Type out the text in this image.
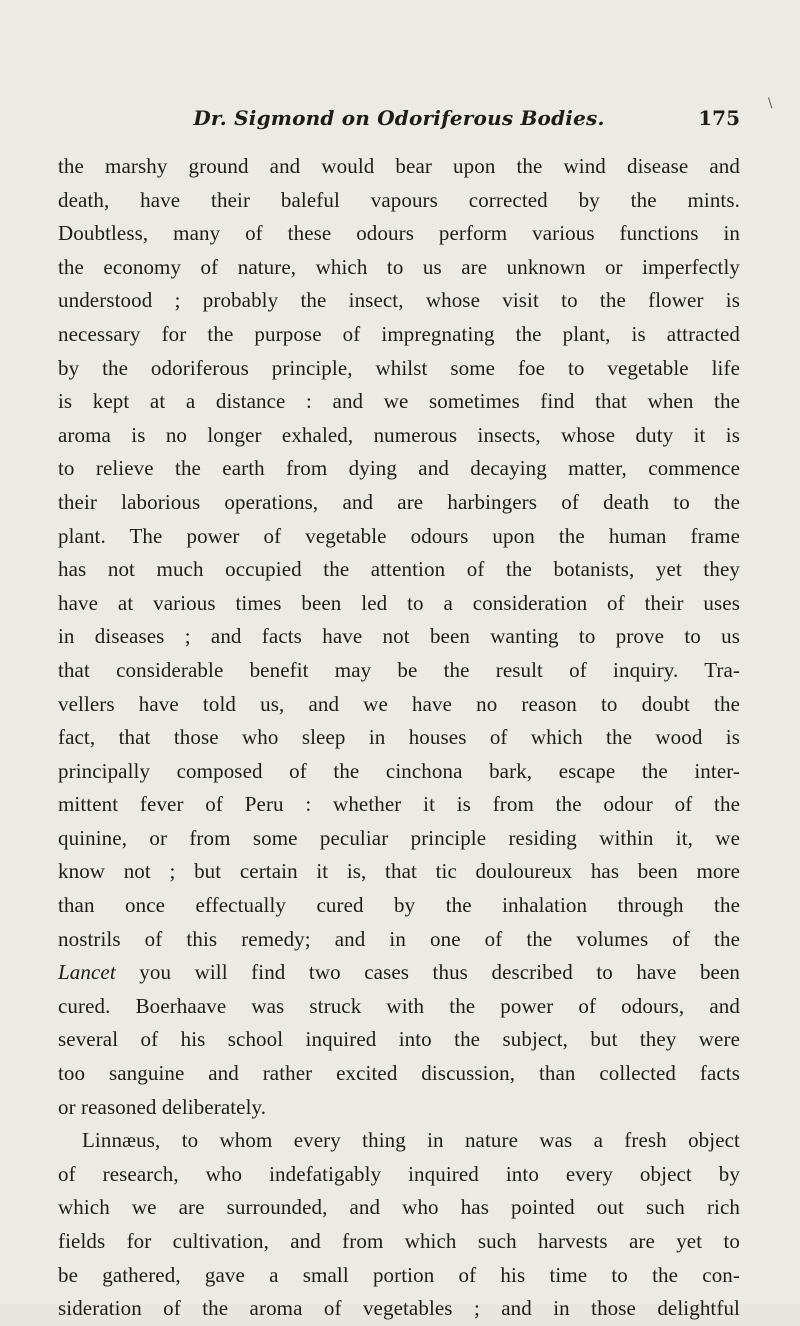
Dr. Sigmond on Odoriferous Bodies.	175
\
the marshy ground and would bear upon the wind disease and
death, have their baleful vapours corrected by the mints.
Doubtless, many of these odours perform various functions in
the economy of nature, which to us are unknown or imperfectly
understood ; probably the insect, whose visit to the flower is
necessary for the purpose of impregnating the plant, is attracted
by the odoriferous principle, whilst some foe to vegetable life
is kept at a distance : and we sometimes find that when the
aroma is no longer exhaled, numerous insects, whose duty it is
to relieve the earth from dying and decaying matter, commence
their laborious operations, and are harbingers of death to the
plant. The power of vegetable odours upon the human frame
has not much occupied the attention of the botanists, yet they
have at various times been led to a consideration of their uses
in diseases ; and facts have not been wanting to prove to us
that considerable benefit may be the result of inquiry. Tra-
vellers have told us, and we have no reason to doubt the
fact, that those who sleep in houses of which the wood is
principally composed of the cinchona bark, escape the inter-
mittent fever of Peru : whether it is from the odour of the
quinine, or from some peculiar principle residing within it, we
know not ; but certain it is, that tic douloureux has been more
than once effectually cured by the inhalation through the
nostrils of this remedy; and in one of the volumes of the
Lancet you will find two cases thus described to have been
cured. Boerhaave was struck with the power of odours, and
several of his school inquired into the subject, but they were
too sanguine and rather excited discussion, than collected facts
or reasoned deliberately.
Linnæus, to whom every thing in nature was a fresh object
of research, who indefatigably inquired into every object by
which we are surrounded, and who has pointed out such rich
fields for cultivation, and from which such harvests are yet to
be gathered, gave a small portion of his time to the con-
sideration of the aroma of vegetables ; and in those delightful
